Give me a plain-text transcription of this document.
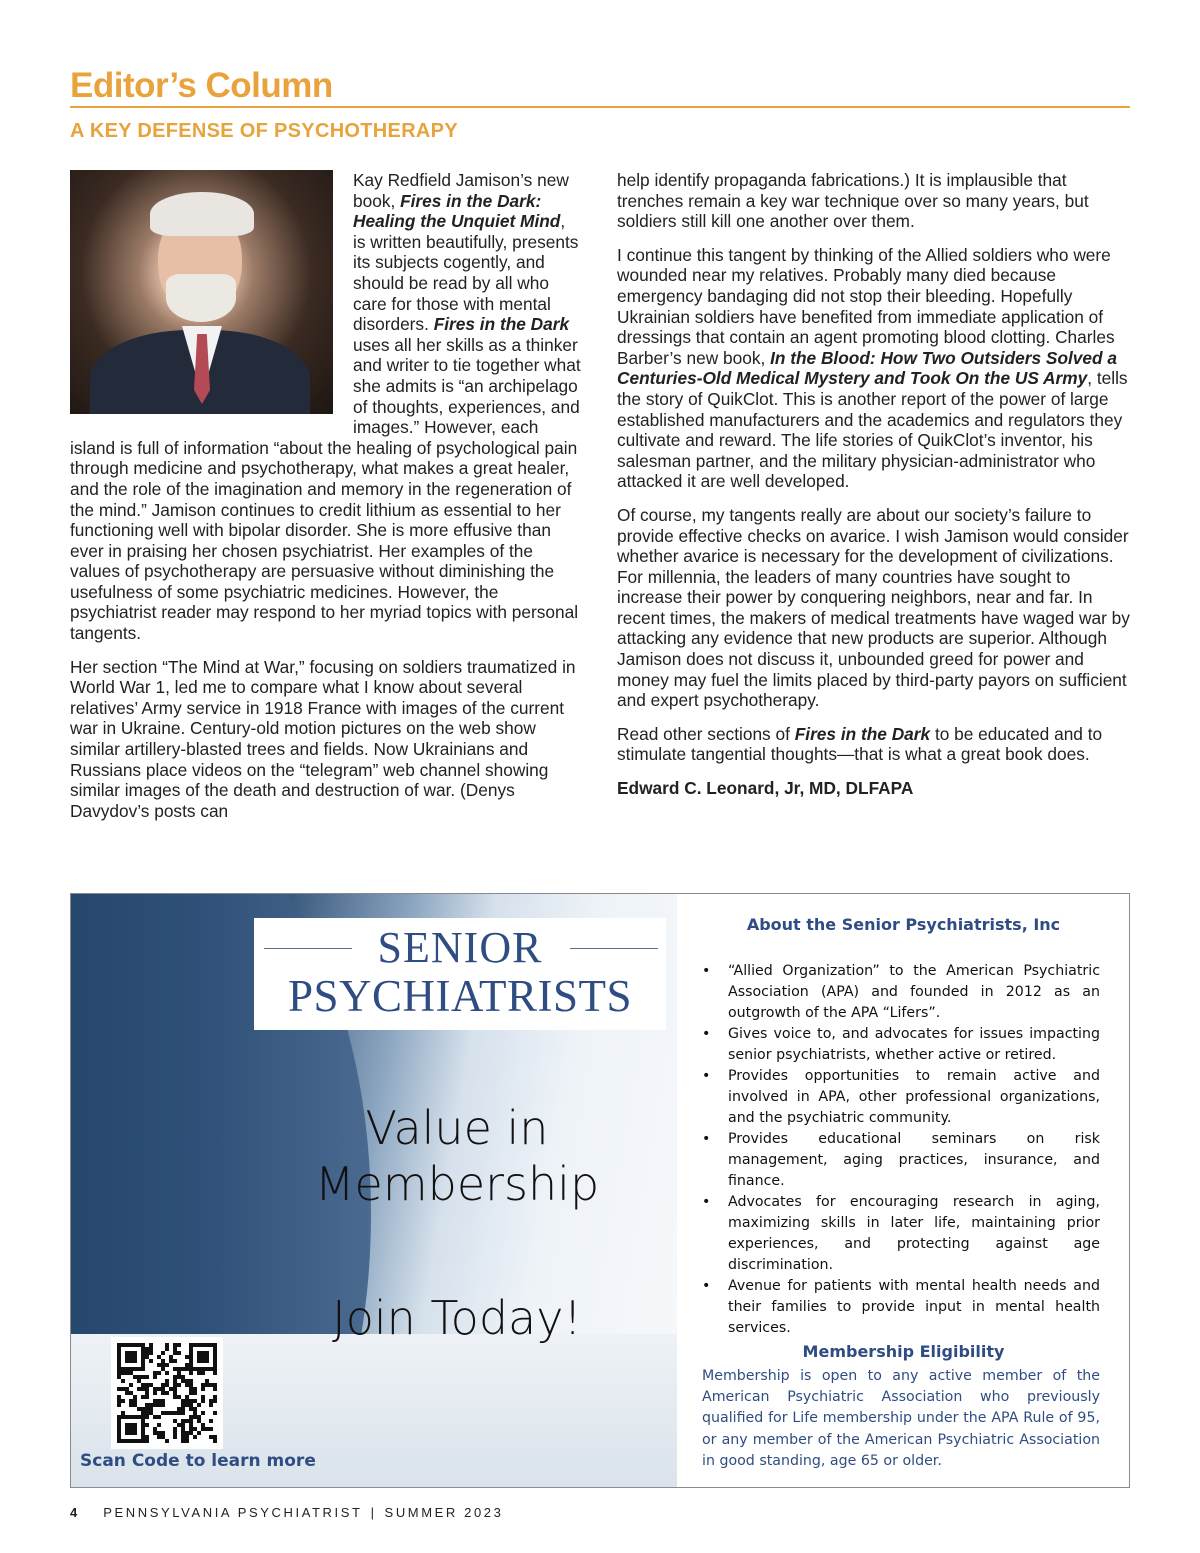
Editor’s Column
A KEY DEFENSE OF PSYCHOTHERAPY

Kay Redfield Jamison’s new book, Fires in the Dark: Healing the Unquiet Mind, is written beautifully, presents its subjects cogently, and should be read by all who care for those with mental disorders. Fires in the Dark uses all her skills as a thinker and writer to tie together what she admits is “an archipelago of thoughts, experiences, and images.” However, each island is full of information “about the healing of psychological pain through medicine and psychotherapy, what makes a great healer, and the role of the imagination and memory in the regeneration of the mind.” Jamison continues to credit lithium as essential to her functioning well with bipolar disorder. She is more effusive than ever in praising her chosen psychiatrist. Her examples of the values of psychotherapy are persuasive without diminishing the usefulness of some psychiatric medicines. However, the psychiatrist reader may respond to her myriad topics with personal tangents.

Her section “The Mind at War,” focusing on soldiers traumatized in World War 1, led me to compare what I know about several relatives’ Army service in 1918 France with images of the current war in Ukraine. Century-old motion pictures on the web show similar artillery-blasted trees and fields. Now Ukrainians and Russians place videos on the “telegram” web channel showing similar images of the death and destruction of war. (Denys Davydov’s posts can

help identify propaganda fabrications.) It is implausible that trenches remain a key war technique over so many years, but soldiers still kill one another over them.

I continue this tangent by thinking of the Allied soldiers who were wounded near my relatives. Probably many died because emergency bandaging did not stop their bleeding. Hopefully Ukrainian soldiers have benefited from immediate application of dressings that contain an agent promoting blood clotting. Charles Barber’s new book, In the Blood: How Two Outsiders Solved a Centuries-Old Medical Mystery and Took On the US Army, tells the story of QuikClot. This is another report of the power of large established manufacturers and the academics and regulators they cultivate and reward. The life stories of QuikClot’s inventor, his salesman partner, and the military physician-administrator who attacked it are well developed.

Of course, my tangents really are about our society’s failure to provide effective checks on avarice. I wish Jamison would consider whether avarice is necessary for the development of civilizations. For millennia, the leaders of many countries have sought to increase their power by conquering neighbors, near and far. In recent times, the makers of medical treatments have waged war by attacking any evidence that new products are superior. Although Jamison does not discuss it, unbounded greed for power and money may fuel the limits placed by third-party payors on sufficient and expert psychotherapy.

Read other sections of Fires in the Dark to be educated and to stimulate tangential thoughts—that is what a great book does.

Edward C. Leonard, Jr, MD, DLFAPA

SENIOR
PSYCHIATRISTS
Value in
Membership
Join Today!
Scan Code to learn more
About the Senior Psychiatrists, Inc
• “Allied Organization” to the American Psychiatric Association (APA) and founded in 2012 as an outgrowth of the APA “Lifers”.
• Gives voice to, and advocates for issues impacting senior psychiatrists, whether active or retired.
• Provides opportunities to remain active and involved in APA, other professional organizations, and the psychiatric community.
• Provides educational seminars on risk management, aging practices, insurance, and finance.
• Advocates for encouraging research in aging, maximizing skills in later life, maintaining prior experiences, and protecting against age discrimination.
• Avenue for patients with mental health needs and their families to provide input in mental health services.
Membership Eligibility
Membership is open to any active member of the American Psychiatric Association who previously qualified for Life membership under the APA Rule of 95, or any member of the American Psychiatric Association in good standing, age 65 or older.
4 PENNSYLVANIA PSYCHIATRIST | SUMMER 2023
